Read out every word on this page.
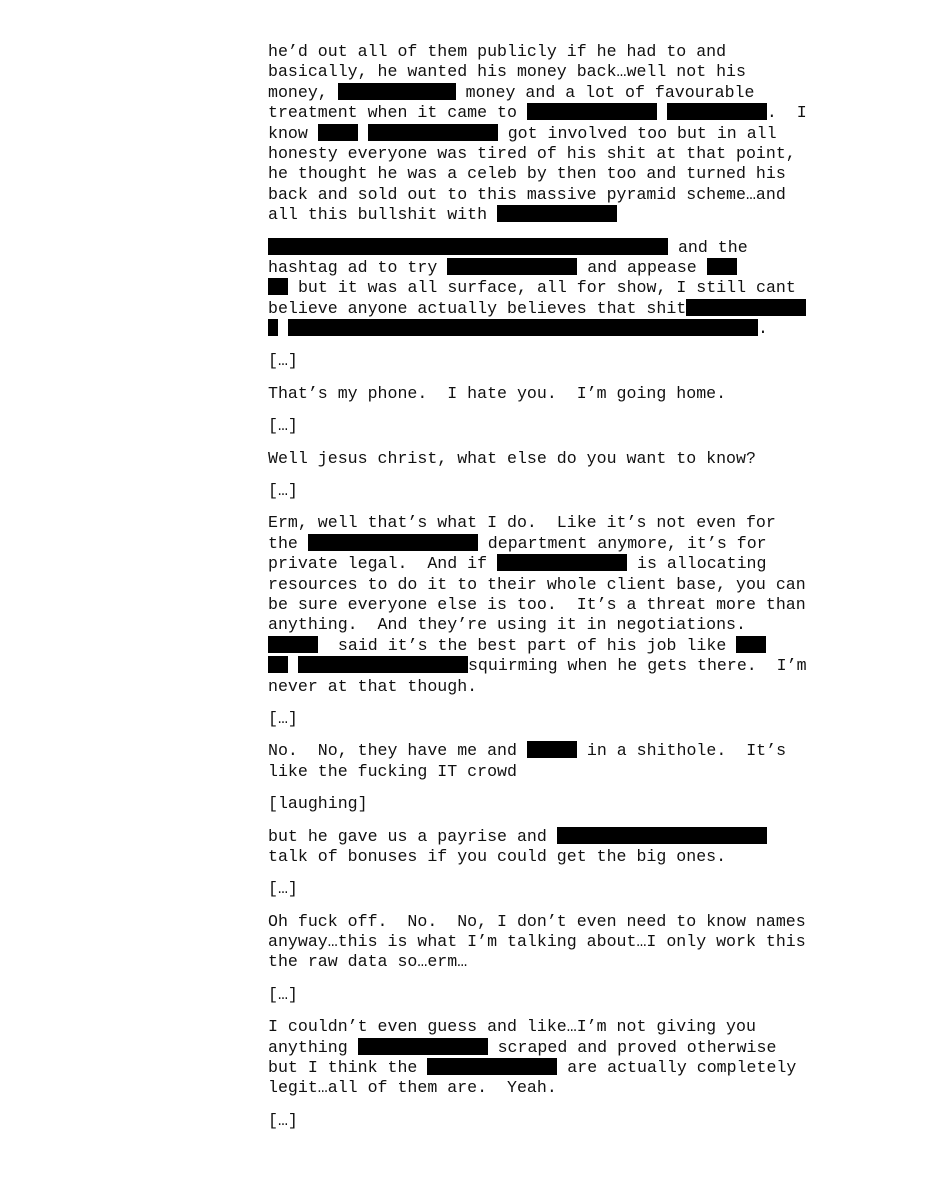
he’d out all of them publicly if he had to and
basically, he wanted his money back…well not his
money,	money and a lot of favourable
treatment when it came to	.  I
know	got involved too but in all
honesty everyone was tired of his shit at that point,
he thought he was a celeb by then too and turned his
back and sold out to this massive pyramid scheme…and
all this bullshit with
and the
hashtag ad to try	and appease
but it was all surface, all for show, I still cant
believe anyone actually believes that shit
.
[…]
That’s my phone.  I hate you.  I’m going home.
[…]
Well jesus christ, what else do you want to know?
[…]
Erm, well that’s what I do.  Like it’s not even for
the	department anymore, it’s for
private legal.  And if	is allocating
resources to do it to their whole client base, you can
be sure everyone else is too.  It’s a threat more than
anything.  And they’re using it in negotiations.
said it’s the best part of his job like
squirming when he gets there.  I’m
never at that though.
[…]
No.  No, they have me and	in a shithole.  It’s
like the fucking IT crowd
[laughing]
but he gave us a payrise and
talk of bonuses if you could get the big ones.
[…]
Oh fuck off.  No.  No, I don’t even need to know names
anyway…this is what I’m talking about…I only work this
the raw data so…erm…
[…]
I couldn’t even guess and like…I’m not giving you
anything	scraped and proved otherwise
but I think the	are actually completely
legit…all of them are.  Yeah.
[…]
